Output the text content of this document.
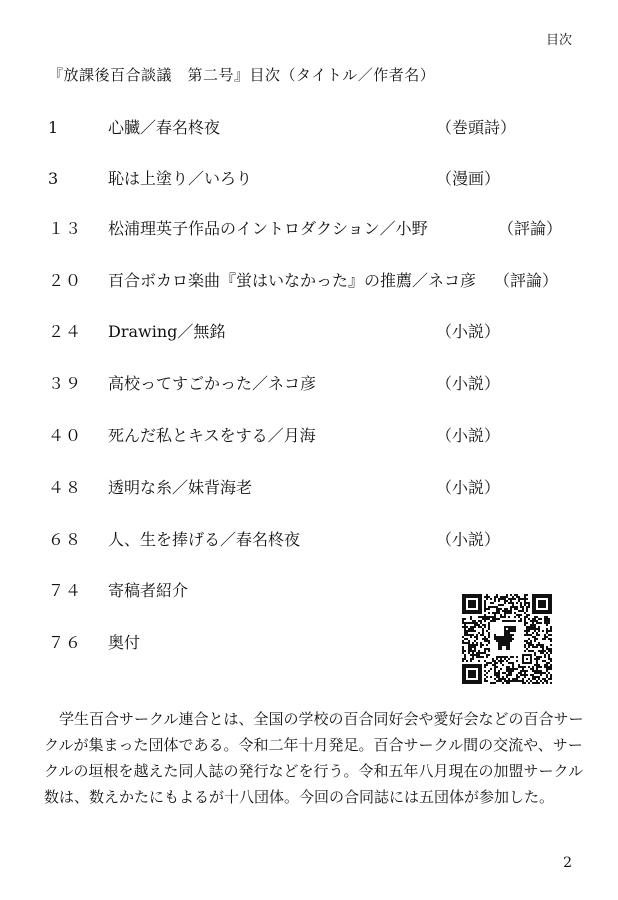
目次
『放課後百合談議　第二号』目次（タイトル／作者名）
1	心臓／春名柊夜	（巻頭詩）
3	恥は上塗り／いろり	（漫画）
１３	松浦理英子作品のイントロダクション／小野	（評論）
２０	百合ボカロ楽曲『蛍はいなかった』の推薦／ネコ彦 （評論）
２４	Drawing／無銘	（小説）
３９	高校ってすごかった／ネコ彦	（小説）
４０	死んだ私とキスをする／月海	（小説）
４８	透明な糸／妹背海老	（小説）
６８	人、生を捧げる／春名柊夜	（小説）
７４	寄稿者紹介
７６	奥付

学生百合サークル連合とは、全国の学校の百合同好会や愛好会などの百合サークルが集まった団体である。令和二年十月発足。百合サークル間の交流や、サークルの垣根を越えた同人誌の発行などを行う。令和五年八月現在の加盟サークル数は、数えかたにもよるが十八団体。今回の合同誌には五団体が参加した。

2
